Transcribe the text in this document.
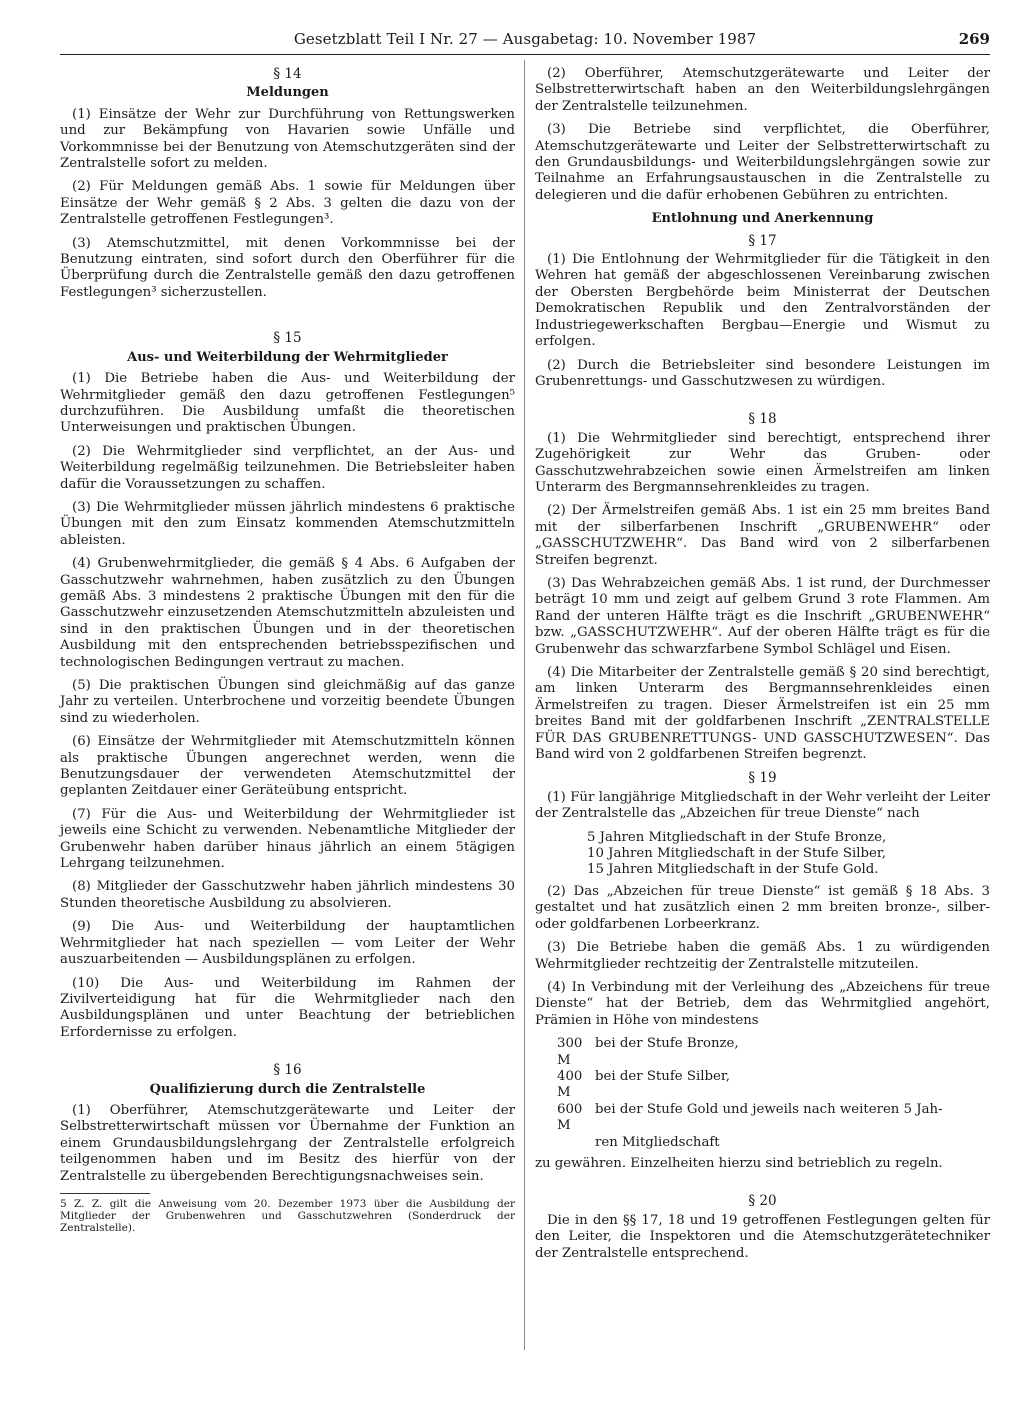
Gesetzblatt Teil I Nr. 27 — Ausgabetag: 10. November 1987	269
§ 14
Meldungen

(1) Einsätze der Wehr zur Durchführung von Rettungswerken und zur Bekämpfung von Havarien sowie Unfälle und Vorkommnisse bei der Benutzung von Atemschutzgeräten sind der Zentralstelle sofort zu melden.

(2) Für Meldungen gemäß Abs. 1 sowie für Meldungen über Einsätze der Wehr gemäß § 2 Abs. 3 gelten die dazu von der Zentralstelle getroffenen Festlegungen³.

(3) Atemschutzmittel, mit denen Vorkommnisse bei der Benutzung eintraten, sind sofort durch den Oberführer für die Überprüfung durch die Zentralstelle gemäß den dazu getroffenen Festlegungen³ sicherzustellen.

§ 15
Aus- und Weiterbildung der Wehrmitglieder

(1) Die Betriebe haben die Aus- und Weiterbildung der Wehrmitglieder gemäß den dazu getroffenen Festlegungen⁵ durchzuführen. Die Ausbildung umfaßt die theoretischen Unterweisungen und praktischen Übungen.

(2) Die Wehrmitglieder sind verpflichtet, an der Aus- und Weiterbildung regelmäßig teilzunehmen. Die Betriebsleiter haben dafür die Voraussetzungen zu schaffen.

(3) Die Wehrmitglieder müssen jährlich mindestens 6 praktische Übungen mit den zum Einsatz kommenden Atemschutzmitteln ableisten.

(4) Grubenwehrmitglieder, die gemäß § 4 Abs. 6 Aufgaben der Gasschutzwehr wahrnehmen, haben zusätzlich zu den Übungen gemäß Abs. 3 mindestens 2 praktische Übungen mit den für die Gasschutzwehr einzusetzenden Atemschutzmitteln abzuleisten und sind in den praktischen Übungen und in der theoretischen Ausbildung mit den entsprechenden betriebsspezifischen und technologischen Bedingungen vertraut zu machen.

(5) Die praktischen Übungen sind gleichmäßig auf das ganze Jahr zu verteilen. Unterbrochene und vorzeitig beendete Übungen sind zu wiederholen.

(6) Einsätze der Wehrmitglieder mit Atemschutzmitteln können als praktische Übungen angerechnet werden, wenn die Benutzungsdauer der verwendeten Atemschutzmittel der geplanten Zeitdauer einer Geräteübung entspricht.

(7) Für die Aus- und Weiterbildung der Wehrmitglieder ist jeweils eine Schicht zu verwenden. Nebenamtliche Mitglieder der Grubenwehr haben darüber hinaus jährlich an einem 5tägigen Lehrgang teilzunehmen.

(8) Mitglieder der Gasschutzwehr haben jährlich mindestens 30 Stunden theoretische Ausbildung zu absolvieren.

(9) Die Aus- und Weiterbildung der hauptamtlichen Wehrmitglieder hat nach speziellen — vom Leiter der Wehr auszuarbeitenden — Ausbildungsplänen zu erfolgen.

(10) Die Aus- und Weiterbildung im Rahmen der Zivilverteidigung hat für die Wehrmitglieder nach den Ausbildungsplänen und unter Beachtung der betrieblichen Erfordernisse zu erfolgen.

§ 16
Qualifizierung durch die Zentralstelle

(1) Oberführer, Atemschutzgerätewarte und Leiter der Selbstretterwirtschaft müssen vor Übernahme der Funktion an einem Grundausbildungslehrgang der Zentralstelle erfolgreich teilgenommen haben und im Besitz des hierfür von der Zentralstelle zu übergebenden Berechtigungsnachweises sein.

5 Z. Z. gilt die Anweisung vom 20. Dezember 1973 über die Ausbildung der Mitglieder der Grubenwehren und Gasschutzwehren (Sonderdruck der Zentralstelle).

(2) Oberführer, Atemschutzgerätewarte und Leiter der Selbstretterwirtschaft haben an den Weiterbildungslehrgängen der Zentralstelle teilzunehmen.

(3) Die Betriebe sind verpflichtet, die Oberführer, Atemschutzgerätewarte und Leiter der Selbstretterwirtschaft zu den Grundausbildungs- und Weiterbildungslehrgängen sowie zur Teilnahme an Erfahrungsaustauschen in die Zentralstelle zu delegieren und die dafür erhobenen Gebühren zu entrichten.

Entlohnung und Anerkennung
§ 17

(1) Die Entlohnung der Wehrmitglieder für die Tätigkeit in den Wehren hat gemäß der abgeschlossenen Vereinbarung zwischen der Obersten Bergbehörde beim Ministerrat der Deutschen Demokratischen Republik und den Zentralvorständen der Industriegewerkschaften Bergbau—Energie und Wismut zu erfolgen.

(2) Durch die Betriebsleiter sind besondere Leistungen im Grubenrettungs- und Gasschutzwesen zu würdigen.

§ 18

(1) Die Wehrmitglieder sind berechtigt, entsprechend ihrer Zugehörigkeit zur Wehr das Gruben- oder Gasschutzwehrabzeichen sowie einen Ärmelstreifen am linken Unterarm des Bergmannsehrenkleides zu tragen.

(2) Der Ärmelstreifen gemäß Abs. 1 ist ein 25 mm breites Band mit der silberfarbenen Inschrift „GRUBENWEHR“ oder „GASSCHUTZWEHR“. Das Band wird von 2 silberfarbenen Streifen begrenzt.

(3) Das Wehrabzeichen gemäß Abs. 1 ist rund, der Durchmesser beträgt 10 mm und zeigt auf gelbem Grund 3 rote Flammen. Am Rand der unteren Hälfte trägt es die Inschrift „GRUBENWEHR“ bzw. „GASSCHUTZWEHR“. Auf der oberen Hälfte trägt es für die Grubenwehr das schwarzfarbene Symbol Schlägel und Eisen.

(4) Die Mitarbeiter der Zentralstelle gemäß § 20 sind berechtigt, am linken Unterarm des Bergmannsehrenkleides einen Ärmelstreifen zu tragen. Dieser Ärmelstreifen ist ein 25 mm breites Band mit der goldfarbenen Inschrift „ZENTRALSTELLE FÜR DAS GRUBENRETTUNGS- UND GASSCHUTZWESEN“. Das Band wird von 2 goldfarbenen Streifen begrenzt.

§ 19

(1) Für langjährige Mitgliedschaft in der Wehr verleiht der Leiter der Zentralstelle das „Abzeichen für treue Dienste“ nach

5 Jahren Mitgliedschaft in der Stufe Bronze,
10 Jahren Mitgliedschaft in der Stufe Silber,
15 Jahren Mitgliedschaft in der Stufe Gold.

(2) Das „Abzeichen für treue Dienste“ ist gemäß § 18 Abs. 3 gestaltet und hat zusätzlich einen 2 mm breiten bronze-, silber- oder goldfarbenen Lorbeerkranz.

(3) Die Betriebe haben die gemäß Abs. 1 zu würdigenden Wehrmitglieder rechtzeitig der Zentralstelle mitzuteilen.

(4) In Verbindung mit der Verleihung des „Abzeichens für treue Dienste“ hat der Betrieb, dem das Wehrmitglied angehört, Prämien in Höhe von mindestens

300 M
bei der Stufe Bronze,
400 M
bei der Stufe Silber,
600 M
bei der Stufe Gold und jeweils nach weiteren 5 Jah-
ren Mitgliedschaft

zu gewähren. Einzelheiten hierzu sind betrieblich zu regeln.

§ 20

Die in den §§ 17, 18 und 19 getroffenen Festlegungen gelten für den Leiter, die Inspektoren und die Atemschutzgerätetechniker der Zentralstelle entsprechend.
